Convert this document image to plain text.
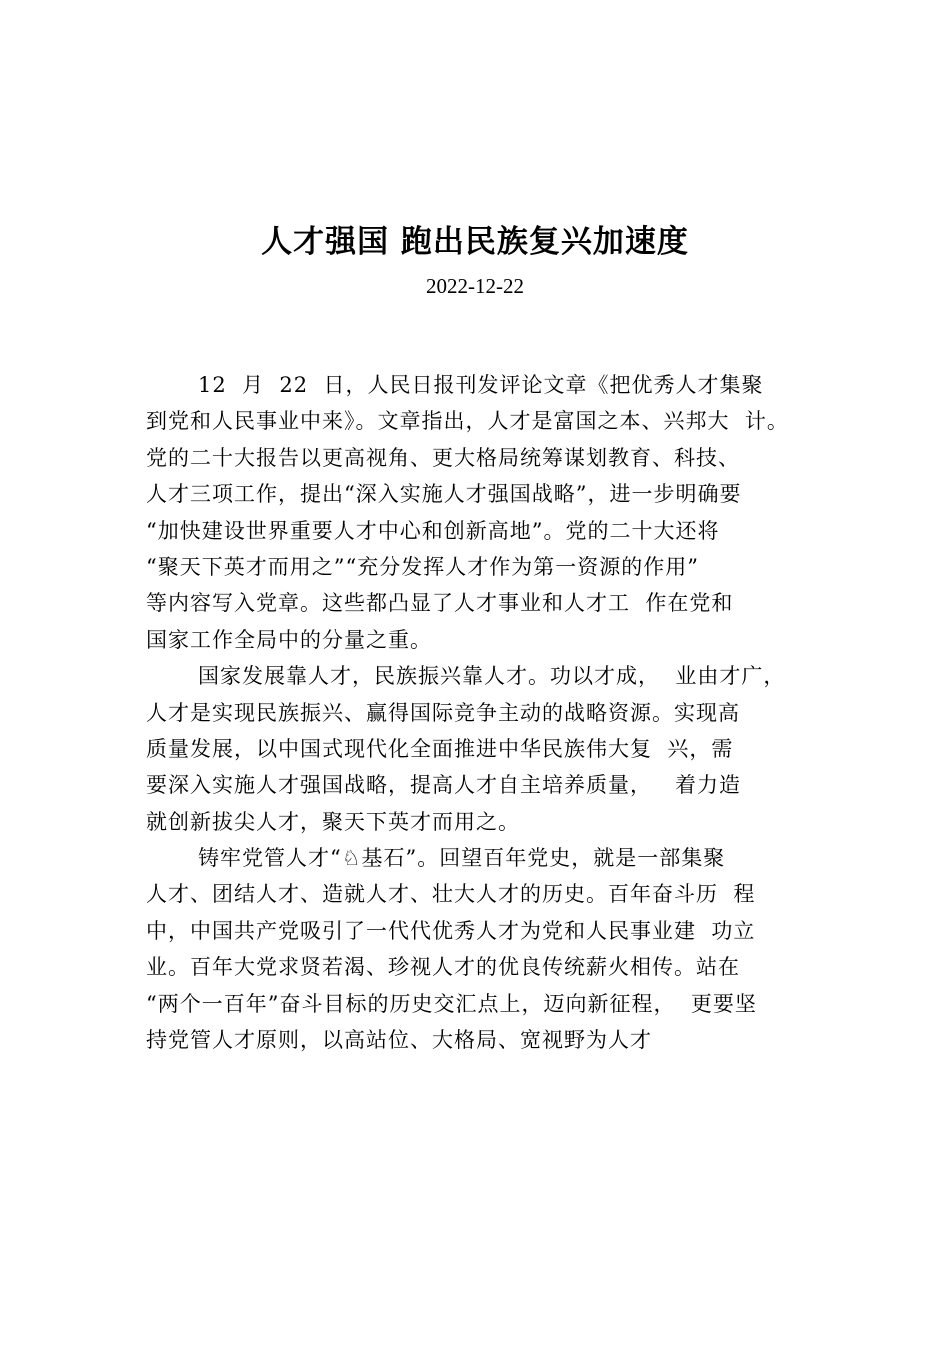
人才强国 跑出民族复兴加速度
2022-12-22
12  月  22  日，人民日报刊发评论文章《把优秀人才集聚
到党和人民事业中来》。文章指出，人才是富国之本、兴邦大  计。
党的二十大报告以更高视角、更大格局统筹谋划教育、科技、
人才三项工作，提出“深入实施人才强国战略”，进一步明确要
“加快建设世界重要人才中心和创新高地”。党的二十大还将
“聚天下英才而用之”“充分发挥人才作为第一资源的作用”
等内容写入党章。这些都凸显了人才事业和人才工  作在党和
国家工作全局中的分量之重。
国家发展靠人才，民族振兴靠人才。功以才成，  业由才广，
人才是实现民族振兴、赢得国际竞争主动的战略资源。实现高
质量发展，以中国式现代化全面推进中华民族伟大复  兴，需
要深入实施人才强国战略，提高人才自主培养质量，   着力造
就创新拔尖人才，聚天下英才而用之。
铸牢党管人才“♘基石”。回望百年党史，就是一部集聚
人才、团结人才、造就人才、壮大人才的历史。百年奋斗历  程
中，中国共产党吸引了一代代优秀人才为党和人民事业建  功立
业。百年大党求贤若渴、珍视人才的优良传统薪火相传。站在
“两个一百年”奋斗目标的历史交汇点上，迈向新征程，  更要坚
持党管人才原则，以高站位、大格局、宽视野为人才
